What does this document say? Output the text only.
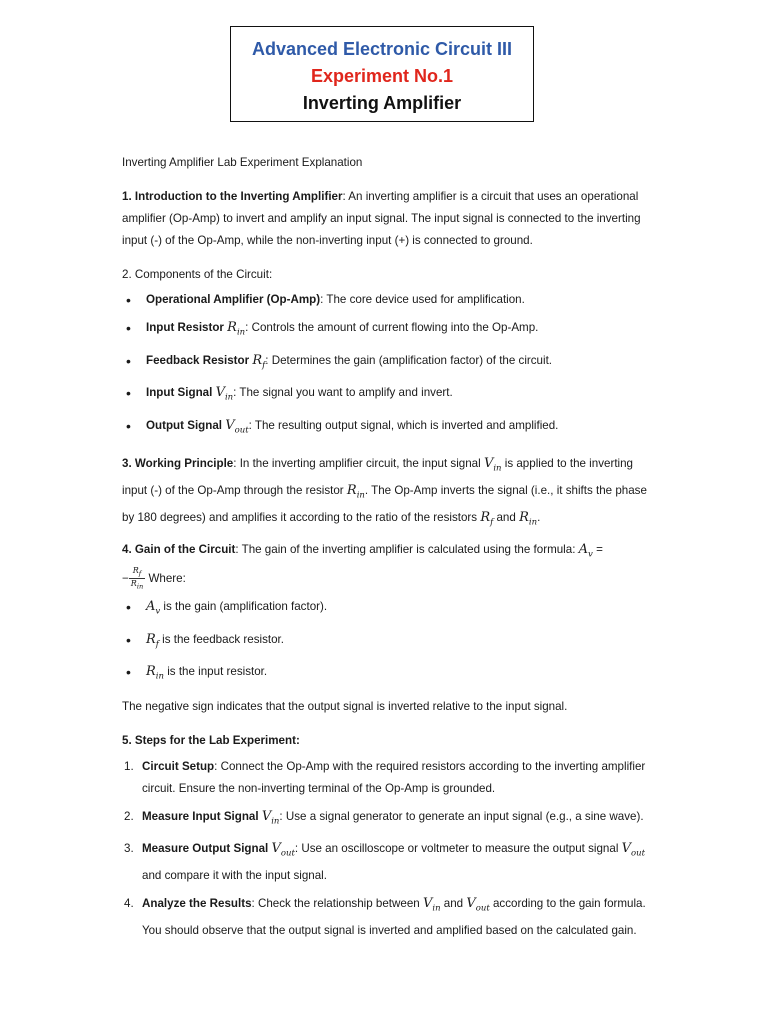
Advanced Electronic Circuit III
Experiment No.1
Inverting Amplifier

Inverting Amplifier Lab Experiment Explanation

1. Introduction to the Inverting Amplifier: An inverting amplifier is a circuit that uses an operational amplifier (Op-Amp) to invert and amplify an input signal. The input signal is connected to the inverting input (-) of the Op-Amp, while the non-inverting input (+) is connected to ground.

2. Components of the Circuit:

• Operational Amplifier (Op-Amp): The core device used for amplification.
• Input Resistor $R_{in}$: Controls the amount of current flowing into the Op-Amp.
• Feedback Resistor $R_f$: Determines the gain (amplification factor) of the circuit.
• Input Signal $V_{in}$: The signal you want to amplify and invert.
• Output Signal $V_{out}$: The resulting output signal, which is inverted and amplified.

3. Working Principle: In the inverting amplifier circuit, the input signal $V_{in}$ is applied to the inverting input (-) of the Op-Amp through the resistor $R_{in}$. The Op-Amp inverts the signal (i.e., it shifts the phase by 180 degrees) and amplifies it according to the ratio of the resistors $R_f$ and $R_{in}$.

4. Gain of the Circuit: The gain of the inverting amplifier is calculated using the formula: $A_v$ =
− $\frac{R_f}{R_{in}}$ Where:

• $A_v$ is the gain (amplification factor).
• $R_f$ is the feedback resistor.
• $R_{in}$ is the input resistor.

The negative sign indicates that the output signal is inverted relative to the input signal.

5. Steps for the Lab Experiment:

1. Circuit Setup: Connect the Op-Amp with the required resistors according to the inverting amplifier circuit. Ensure the non-inverting terminal of the Op-Amp is grounded.
2. Measure Input Signal $V_{in}$: Use a signal generator to generate an input signal (e.g., a sine wave).
3. Measure Output Signal $V_{out}$: Use an oscilloscope or voltmeter to measure the output signal $V_{out}$ and compare it with the input signal.
4. Analyze the Results: Check the relationship between $V_{in}$ and $V_{out}$ according to the gain formula. You should observe that the output signal is inverted and amplified based on the calculated gain.
